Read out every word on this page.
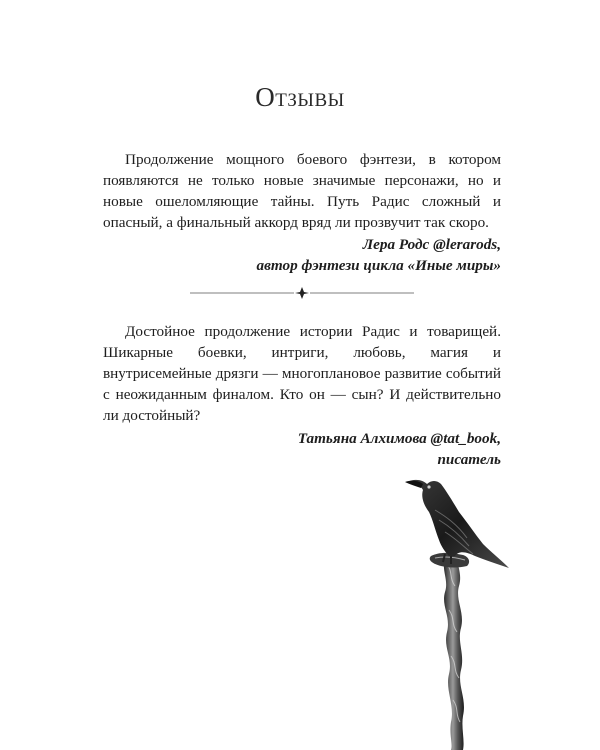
Отзывы

Продолжение мощного боевого фэнтези, в котором появляются не только новые значимые персонажи, но и новые ошеломляющие тайны. Путь Радис сложный и опасный, а финальный аккорд вряд ли прозвучит так скоро.

Лера Родс @lerarods,
автор фэнтези цикла «Иные миры»

Достойное продолжение истории Радис и товарищей. Шикарные боевки, интриги, любовь, магия и внутрисемейные дрязги — многоплановое развитие событий с неожиданным финалом. Кто он — сын? И действительно ли достойный?

Татьяна Алхимова @tat_book,
писатель
